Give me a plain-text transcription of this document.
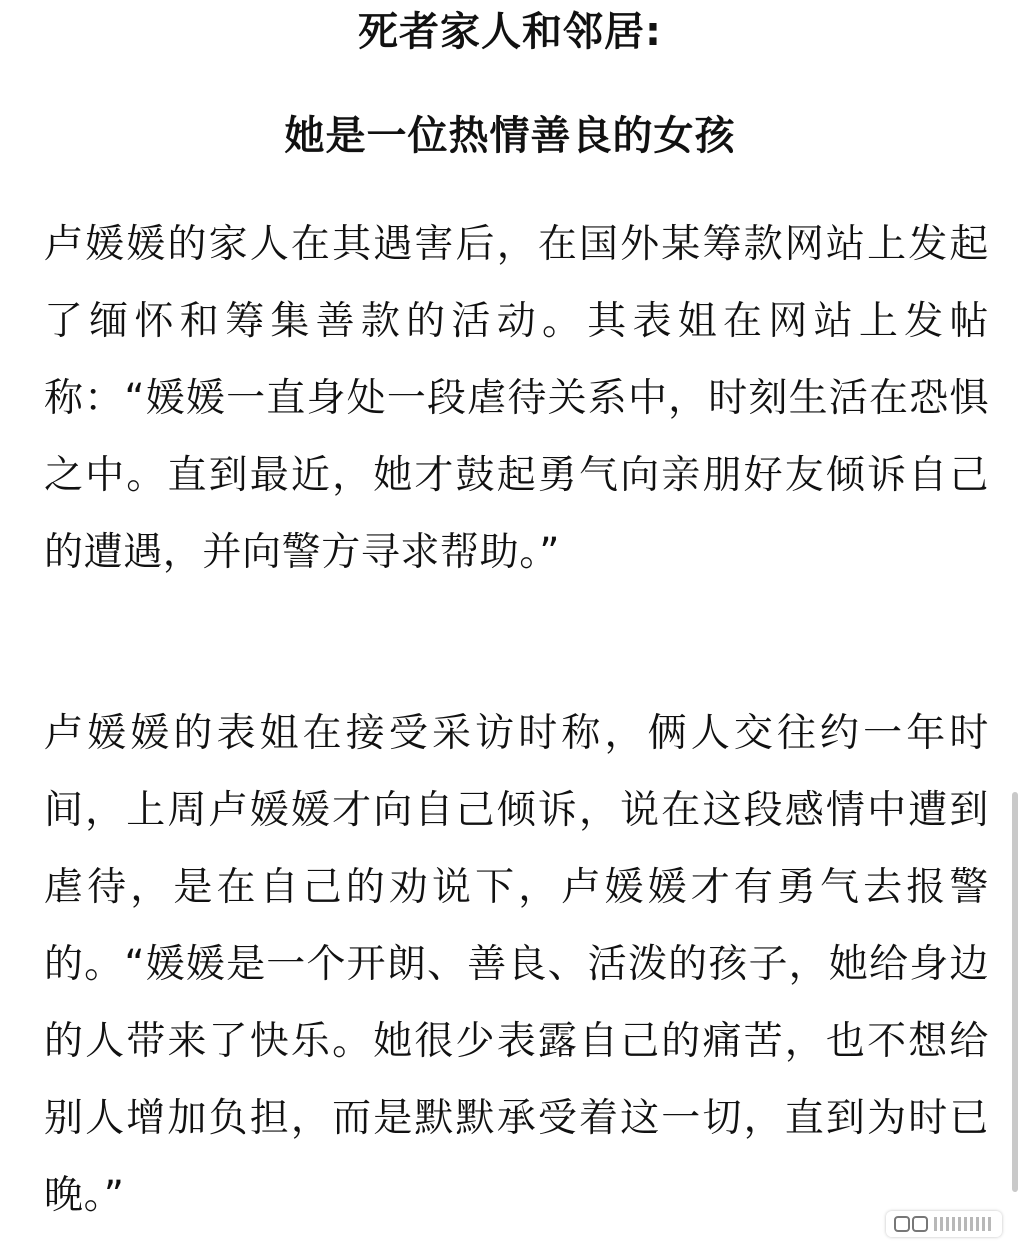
死者家人和邻居:
她是一位热情善良的女孩

卢媛媛的家人在其遇害后，在国外某筹款网站上发起了缅怀和筹集善款的活动。其表姐在网站上发帖称：“媛媛一直身处一段虐待关系中，时刻生活在恐惧之中。直到最近，她才鼓起勇气向亲朋好友倾诉自己的遭遇，并向警方寻求帮助。”

卢媛媛的表姐在接受采访时称，俩人交往约一年时间，上周卢媛媛才向自己倾诉，说在这段感情中遭到虐待，是在自己的劝说下，卢媛媛才有勇气去报警的。“媛媛是一个开朗、善良、活泼的孩子，她给身边的人带来了快乐。她很少表露自己的痛苦，也不想给别人增加负担，而是默默承受着这一切，直到为时已晚。”
